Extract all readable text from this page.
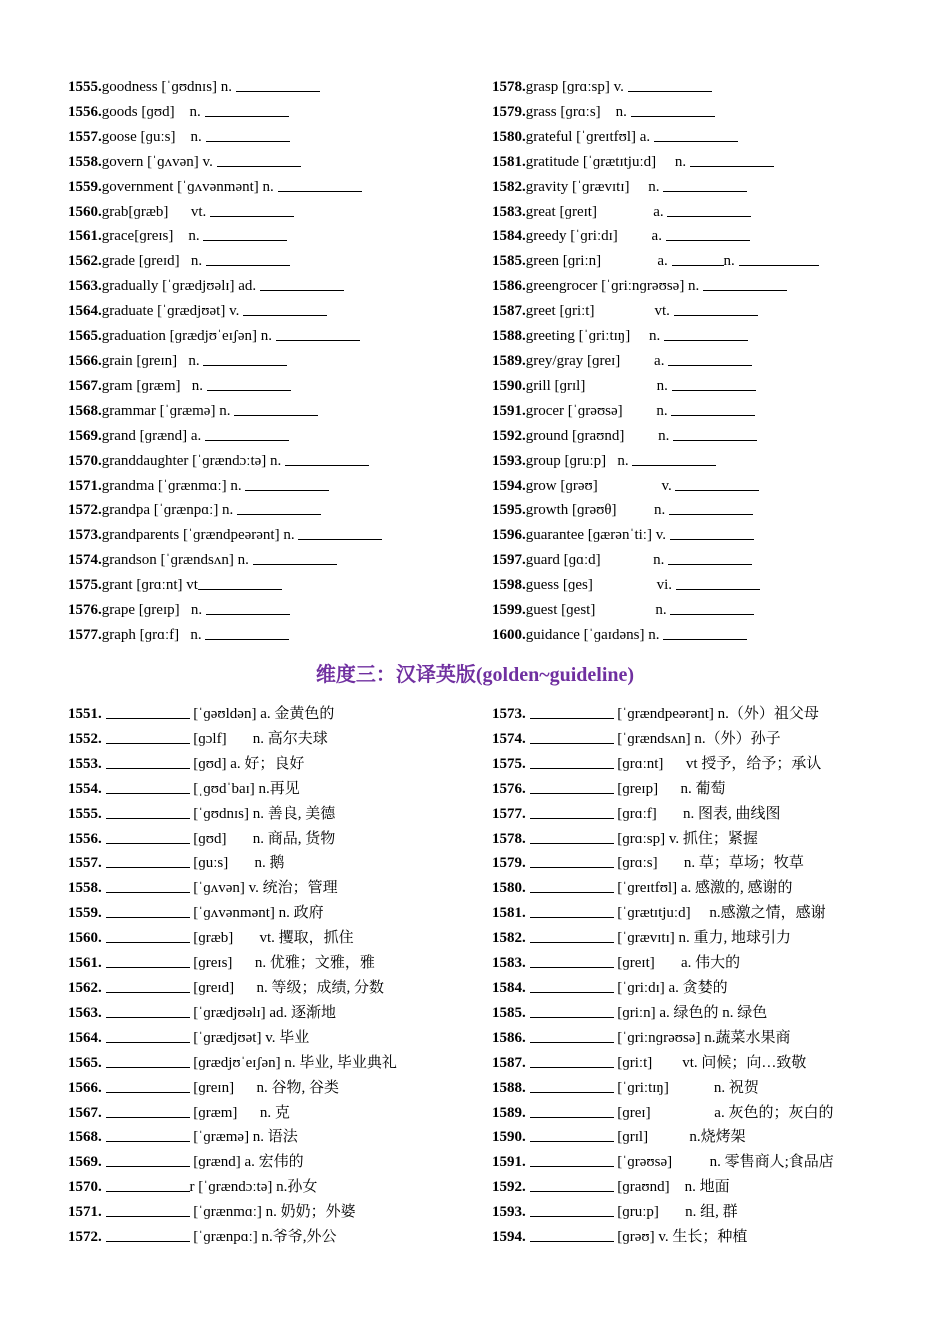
1555.goodness [ˈɡʊdnɪs] n.
1556.goods [ɡʊd]    n.
1557.goose [ɡuːs]    n.
1558.govern [ˈɡʌvən] v.
1559.government [ˈɡʌvənmənt] n.
1560.grab[ɡræb]      vt.
1561.grace[ɡreɪs]    n.
1562.grade [ɡreɪd]   n.
1563.gradually [ˈɡrædjʊəlɪ] ad.
1564.graduate [ˈɡrædjʊət] v.
1565.graduation [ɡrædjʊˈeɪʃən] n.
1566.grain [ɡreɪn]   n.
1567.gram [ɡræm]   n.
1568.grammar [ˈɡræmə] n.
1569.grand [ɡrænd] a.
1570.granddaughter [ˈɡrændɔːtə] n.
1571.grandma [ˈɡrænmɑː] n.
1572.grandpa [ˈɡrænpɑː] n.
1573.grandparents [ˈɡrændpeərənt] n.
1574.grandson [ˈɡrændsʌn] n.
1575.grant [ɡrɑːnt] vt
1576.grape [ɡreɪp]   n.
1577.graph [ɡrɑːf]   n.
1578.grasp [ɡrɑːsp] v.
1579.grass [ɡrɑːs]    n.
1580.grateful [ˈɡreɪtfʊl] a.
1581.gratitude [ˈɡrætɪtjuːd]     n.
1582.gravity [ˈɡrævɪtɪ]     n.
1583.great [ɡreɪt]               a.
1584.greedy [ˈɡriːdɪ]         a.
1585.green [ɡriːn]               a.	n.
1586.greengrocer [ˈɡriːnɡrəʊsə] n.
1587.greet [ɡriːt]                vt.
1588.greeting [ˈɡriːtɪŋ]     n.
1589.grey/gray [ɡreɪ]         a.
1590.grill [ɡrɪl]                   n.
1591.grocer [ˈɡrəʊsə]         n.
1592.ground [ɡraʊnd]         n.
1593.group [ɡruːp]   n.
1594.grow [ɡrəʊ]                 v.
1595.growth [ɡrəʊθ]          n.
1596.guarantee [ɡærənˈtiː] v.
1597.guard [ɡɑːd]              n.
1598.guess [ɡes]                 vi.
1599.guest [ɡest]                n.
1600.guidance [ˈɡaɪdəns] n.
维度三：汉译英版(golden~guideline)
1551.	[ˈɡəʊldən] a. 金黄色的
1552.	[ɡɔlf]       n. 高尔夫球
1553.	[ɡʊd] a. 好；良好
1554.	[ˌɡʊdˈbaɪ] n.再见
1555.	[ˈɡʊdnɪs] n. 善良, 美德
1556.	[ɡʊd]       n. 商品, 货物
1557.	[ɡuːs]       n. 鹅
1558.	[ˈɡʌvən] v. 统治；管理
1559.	[ˈɡʌvənmənt] n. 政府
1560.	[ɡræb]       vt. 攫取，抓住
1561.	[ɡreɪs]      n. 优雅；文雅，雅
1562.	[ɡreɪd]      n. 等级；成绩, 分数
1563.	[ˈɡrædjʊəlɪ] ad. 逐渐地
1564.	[ˈɡrædjʊət] v. 毕业
1565.	[ɡrædjʊˈeɪʃən] n. 毕业, 毕业典礼
1566.	[ɡreɪn]      n. 谷物, 谷类
1567.	[ɡræm]      n. 克
1568.	[ˈɡræmə] n. 语法
1569.	[ɡrænd] a. 宏伟的
1570.	r [ˈɡrændɔːtə] n.孙女
1571.	[ˈɡrænmɑː] n. 奶奶；外婆
1572.	[ˈɡrænpɑː] n.爷爷,外公
1573.	[ˈɡrændpeərənt] n.（外）祖父母
1574.	[ˈɡrændsʌn] n.（外）孙子
1575.	[ɡrɑːnt]      vt 授予，给予；承认
1576.	[ɡreɪp]      n. 葡萄
1577.	[ɡrɑːf]       n. 图表, 曲线图
1578.	[ɡrɑːsp] v. 抓住；紧握
1579.	[ɡrɑːs]       n. 草；草场；牧草
1580.	[ˈɡreɪtfʊl] a. 感激的, 感谢的
1581.	[ˈɡrætɪtjuːd]     n.感激之情，感谢
1582.	[ˈɡrævɪtɪ] n. 重力, 地球引力
1583.	[ɡreɪt]       a. 伟大的
1584.	[ˈɡriːdɪ] a. 贪婪的
1585.	[ɡriːn] a. 绿色的 n. 绿色
1586.	[ˈɡriːnɡrəʊsə] n.蔬菜水果商
1587.	[ɡriːt]        vt. 问候；向…致敬
1588.	[ˈɡriːtɪŋ]            n. 祝贺
1589.	[ɡreɪ]                 a. 灰色的；灰白的
1590.	[ɡrɪl]           n.烧烤架
1591.	[ˈɡrəʊsə]          n. 零售商人;食品店
1592.	[ɡraʊnd]    n. 地面
1593.	[ɡruːp]       n. 组, 群
1594.	[ɡrəʊ] v. 生长；种植
